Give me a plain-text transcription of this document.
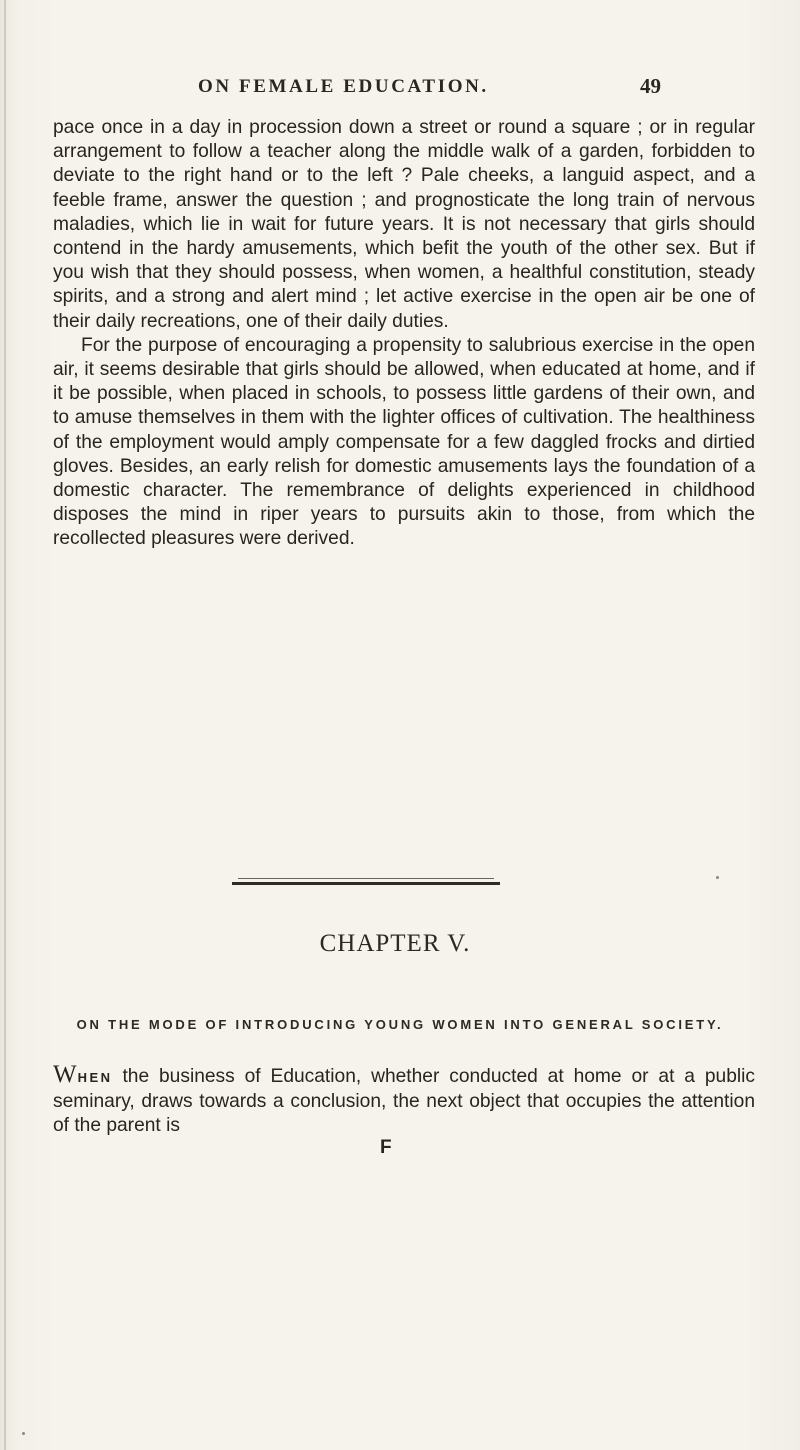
ON FEMALE EDUCATION.	49

pace once in a day in procession down a street or round a square ; or in regular arrangement to follow a teacher along the middle walk of a garden, forbidden to deviate to the right hand or to the left ? Pale cheeks, a languid aspect, and a feeble frame, answer the question ; and prognosticate the long train of nervous maladies, which lie in wait for future years. It is not necessary that girls should contend in the hardy amusements, which befit the youth of the other sex. But if you wish that they should possess, when women, a healthful constitution, steady spirits, and a strong and alert mind ; let active exercise in the open air be one of their daily recreations, one of their daily duties.

For the purpose of encouraging a propensity to salubrious exercise in the open air, it seems desirable that girls should be allowed, when educated at home, and if it be possible, when placed in schools, to possess little gardens of their own, and to amuse themselves in them with the lighter offices of cultivation. The healthiness of the employment would amply compensate for a few daggled frocks and dirtied gloves. Besides, an early relish for domestic amusements lays the foundation of a domestic character. The remembrance of delights experienced in childhood disposes the mind in riper years to pursuits akin to those, from which the recollected pleasures were derived.

CHAPTER V.
ON THE MODE OF INTRODUCING YOUNG WOMEN INTO GENERAL SOCIETY.
WHEN the business of Education, whether conducted at home or at a public seminary, draws towards a conclusion, the next object that occupies the attention of the parent is
F
